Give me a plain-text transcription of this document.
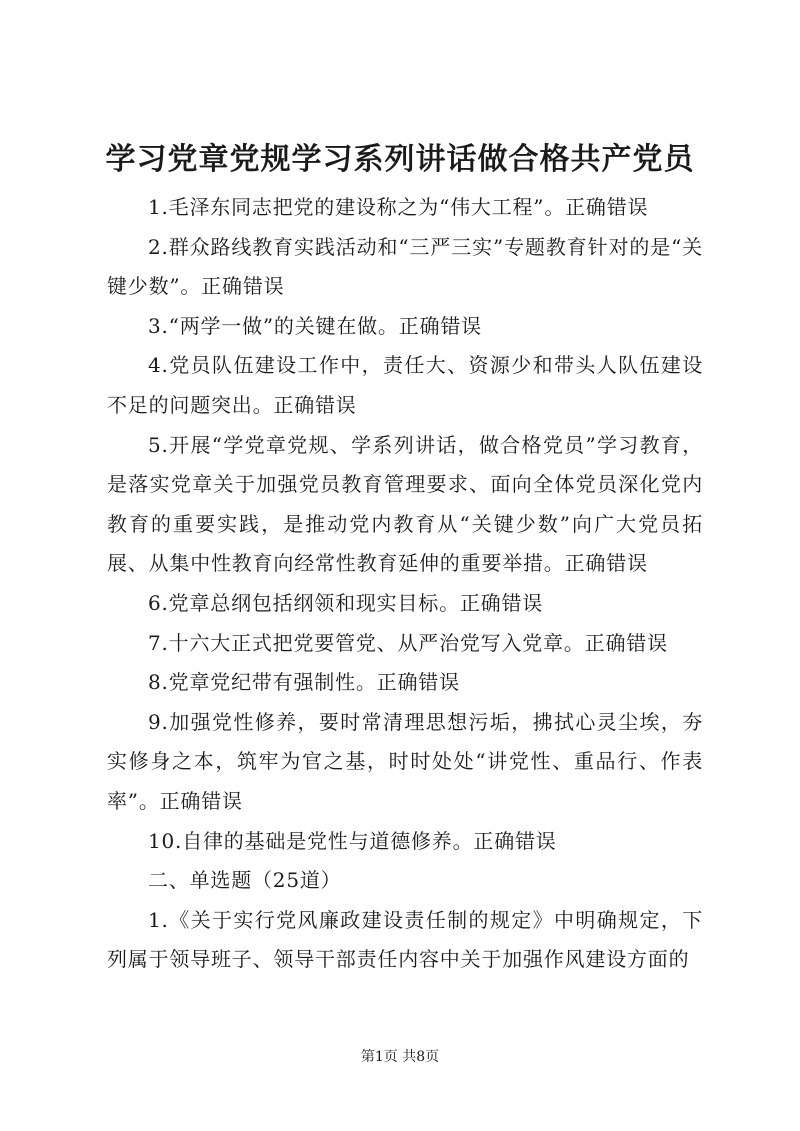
学习党章党规学习系列讲话做合格共产党员

1.毛泽东同志把党的建设称之为“伟大工程”。正确错误

2.群众路线教育实践活动和“三严三实”专题教育针对的是“关键少数”。正确错误

3.“两学一做”的关键在做。正确错误

4.党员队伍建设工作中，责任大、资源少和带头人队伍建设不足的问题突出。正确错误

5.开展“学党章党规、学系列讲话，做合格党员”学习教育，是落实党章关于加强党员教育管理要求、面向全体党员深化党内教育的重要实践，是推动党内教育从“关键少数”向广大党员拓展、从集中性教育向经常性教育延伸的重要举措。正确错误

6.党章总纲包括纲领和现实目标。正确错误

7.十六大正式把党要管党、从严治党写入党章。正确错误

8.党章党纪带有强制性。正确错误

9.加强党性修养，要时常清理思想污垢，拂拭心灵尘埃，夯实修身之本，筑牢为官之基，时时处处“讲党性、重品行、作表率”。正确错误

10.自律的基础是党性与道德修养。正确错误

二、单选题（25道）

1.《关于实行党风廉政建设责任制的规定》中明确规定，下列属于领导班子、领导干部责任内容中关于加强作风建设方面的

第1页 共8页
